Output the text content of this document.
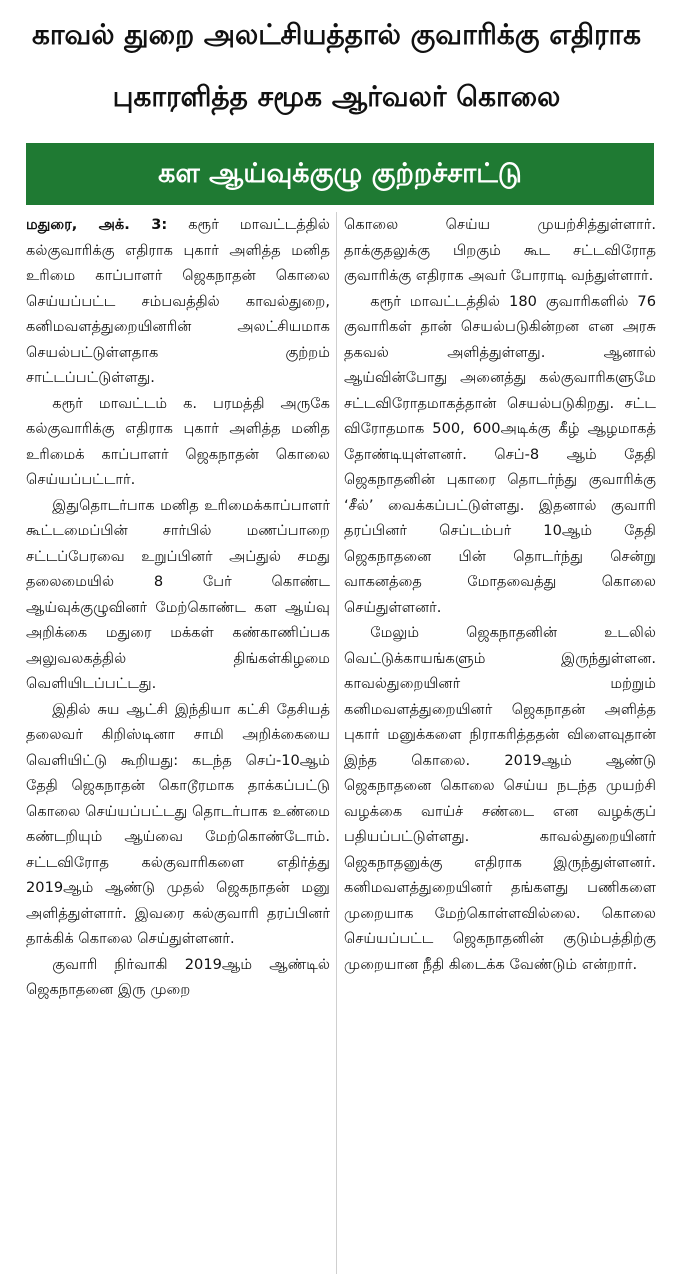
காவல் துறை அலட்சியத்தால் குவாரிக்கு எதிராக
புகாரளித்த சமூக ஆர்வலர் கொலை
கள ஆய்வுக்குழு குற்றச்சாட்டு

மதுரை, அக். 3: கரூர் மாவட்டத்தில் கல்குவாரிக்கு எதிராக புகார் அளித்த மனித உரிமை காப்பாளர் ஜெகநாதன் கொலை செய்யப்பட்ட சம்பவத்தில் காவல்துறை, கனிமவளத்துறையினரின் அலட்சியமாக செயல்பட்டுள்ளதாக குற்றம் சாட்டப்பட்டுள்ளது.

கரூர் மாவட்டம் க. பரமத்தி அருகே கல்குவாரிக்கு எதிராக புகார் அளித்த மனித உரிமைக் காப்பாளர் ஜெகநாதன் கொலை செய்யப்பட்டார்.

இதுதொடர்பாக மனித உரிமைக்காப்பாளர் கூட்டமைப்பின் சார்பில் மணப்பாறை சட்டப்பேரவை உறுப்பினர் அப்துல் சமது தலைமையில் 8 பேர் கொண்ட ஆய்வுக்குழுவினர் மேற்கொண்ட கள ஆய்வு அறிக்கை மதுரை மக்கள் கண்காணிப்பக அலுவலகத்தில் திங்கள்கிழமை வெளியிடப்பட்டது.

இதில் சுய ஆட்சி இந்தியா கட்சி தேசியத் தலைவர் கிறிஸ்டினா சாமி அறிக்கையை வெளியிட்டு கூறியது: கடந்த செப்-10ஆம் தேதி ஜெகநாதன் கொடூரமாக தாக்கப்பட்டு கொலை செய்யப்பட்டது தொடர்பாக உண்மை கண்டறியும் ஆய்வை மேற்கொண்டோம். சட்டவிரோத கல்குவாரிகளை எதிர்த்து 2019ஆம் ஆண்டு முதல் ஜெகநாதன் மனு அளித்துள்ளார். இவரை கல்குவாரி தரப்பினர் தாக்கிக் கொலை செய்துள்ளனர்.

குவாரி நிர்வாகி 2019ஆம் ஆண்டில் ஜெகநாதனை இரு முறை

கொலை செய்ய முயற்சித்துள்ளார். தாக்குதலுக்கு பிறகும் கூட சட்டவிரோத குவாரிக்கு எதிராக அவர் போராடி வந்துள்ளார்.

கரூர் மாவட்டத்தில் 180 குவாரிகளில் 76 குவாரிகள் தான் செயல்படுகின்றன என அரசு தகவல் அளித்துள்ளது. ஆனால் ஆய்வின்போது அனைத்து கல்குவாரிகளுமே சட்டவிரோதமாகத்தான் செயல்படுகிறது. சட்ட விரோதமாக 500, 600அடிக்கு கீழ் ஆழமாகத் தோண்டியுள்ளனர். செப்-8 ஆம் தேதி ஜெகநாதனின் புகாரை தொடர்ந்து குவாரிக்கு ‘சீல்’ வைக்கப்பட்டுள்ளது. இதனால் குவாரி தரப்பினர் செப்டம்பர் 10ஆம் தேதி ஜெகநாதனை பின் தொடர்ந்து சென்று வாகனத்தை மோதவைத்து கொலை செய்துள்ளனர்.

மேலும் ஜெகநாதனின் உடலில் வெட்டுக்காயங்களும் இருந்துள்ளன. காவல்துறையினர் மற்றும் கனிமவளத்துறையினர் ஜெகநாதன் அளித்த புகார் மனுக்களை நிராகரித்ததன் விளைவுதான் இந்த கொலை. 2019ஆம் ஆண்டு ஜெகநாதனை கொலை செய்ய நடந்த முயற்சி வழக்கை வாய்ச் சண்டை என வழக்குப் பதியப்பட்டுள்ளது. காவல்துறையினர் ஜெகநாதனுக்கு எதிராக இருந்துள்ளனர். கனிமவளத்துறையினர் தங்களது பணிகளை முறையாக மேற்கொள்ளவில்லை. கொலை செய்யப்பட்ட ஜெகநாதனின் குடும்பத்திற்கு முறையான நீதி கிடைக்க வேண்டும் என்றார்.
